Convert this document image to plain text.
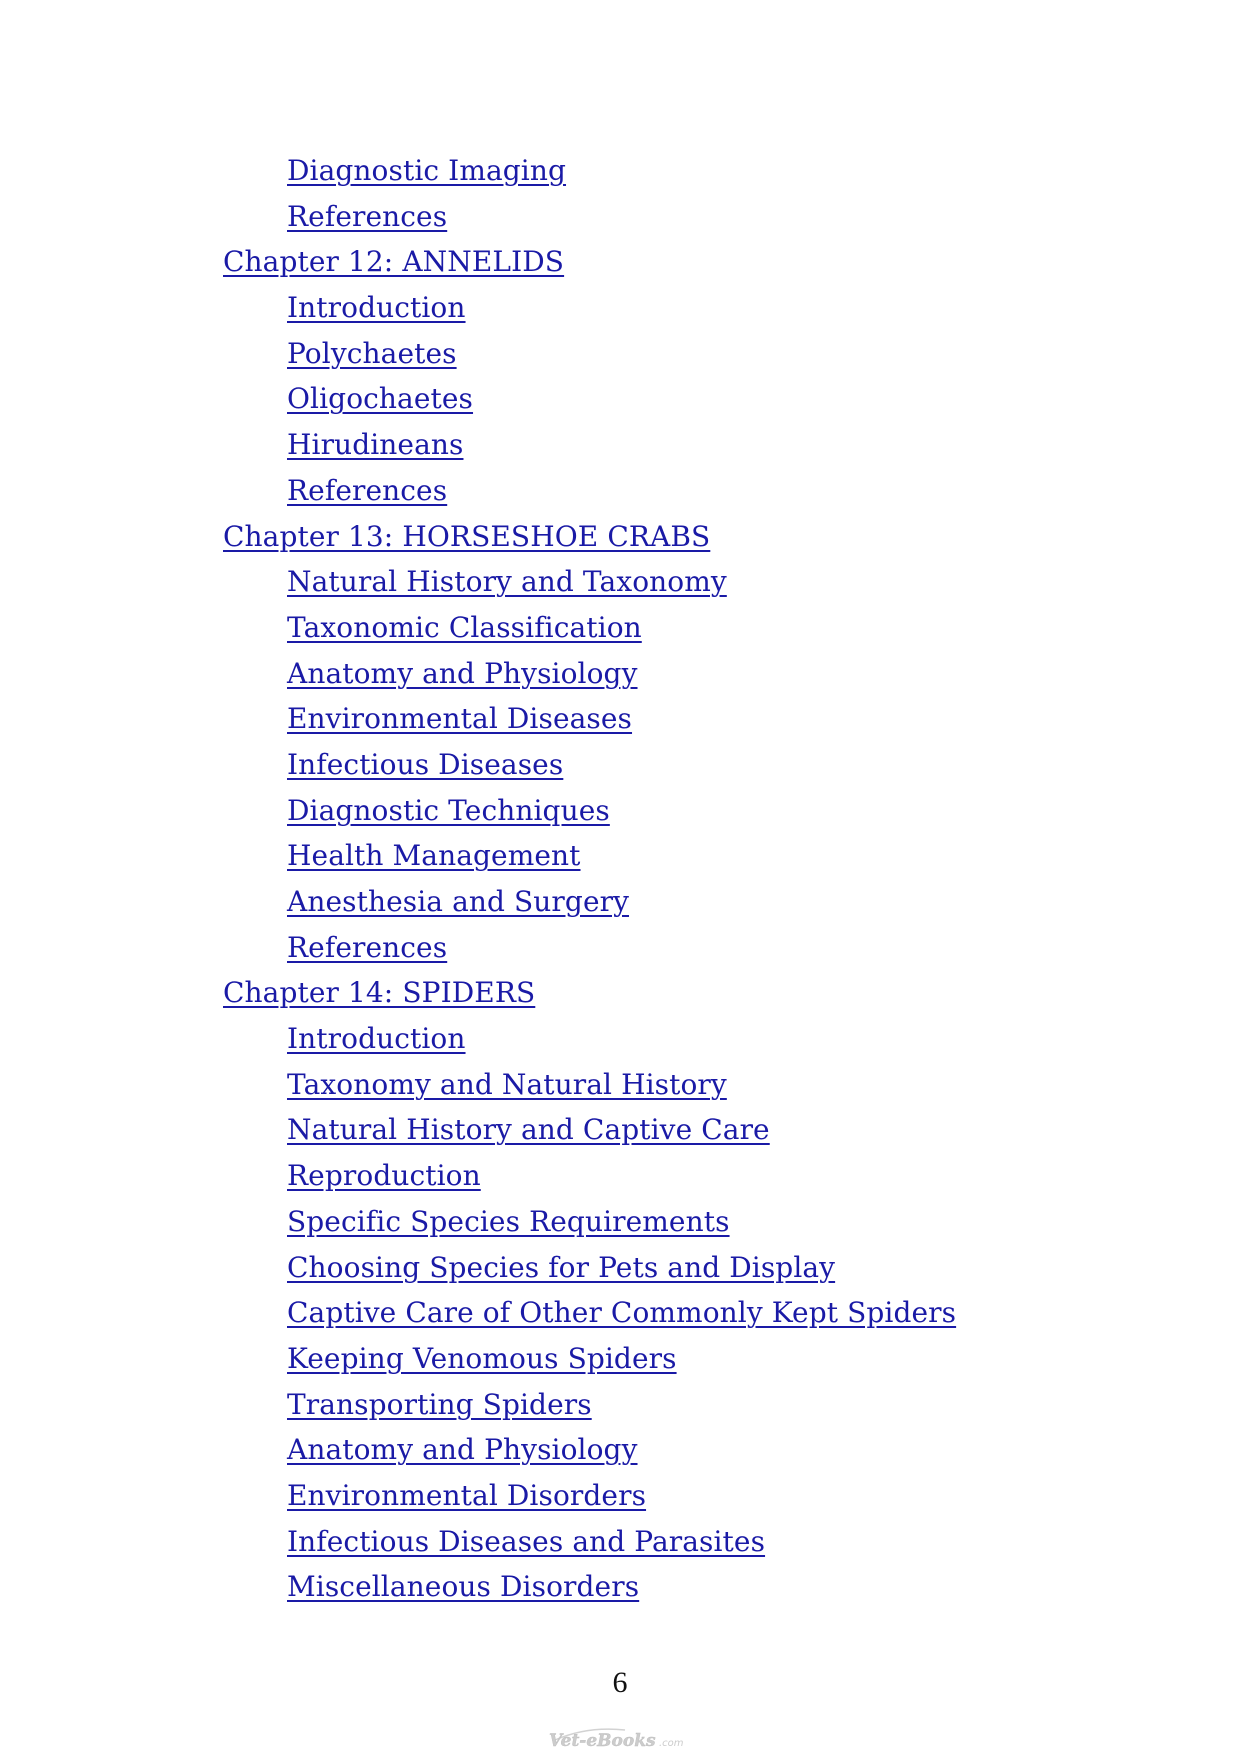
Diagnostic Imaging
References
Chapter 12: ANNELIDS
Introduction
Polychaetes
Oligochaetes
Hirudineans
References
Chapter 13: HORSESHOE CRABS
Natural History and Taxonomy
Taxonomic Classification
Anatomy and Physiology
Environmental Diseases
Infectious Diseases
Diagnostic Techniques
Health Management
Anesthesia and Surgery
References
Chapter 14: SPIDERS
Introduction
Taxonomy and Natural History
Natural History and Captive Care
Reproduction
Specific Species Requirements
Choosing Species for Pets and Display
Captive Care of Other Commonly Kept Spiders
Keeping Venomous Spiders
Transporting Spiders
Anatomy and Physiology
Environmental Disorders
Infectious Diseases and Parasites
Miscellaneous Disorders
6
Vet-eBooks .com
